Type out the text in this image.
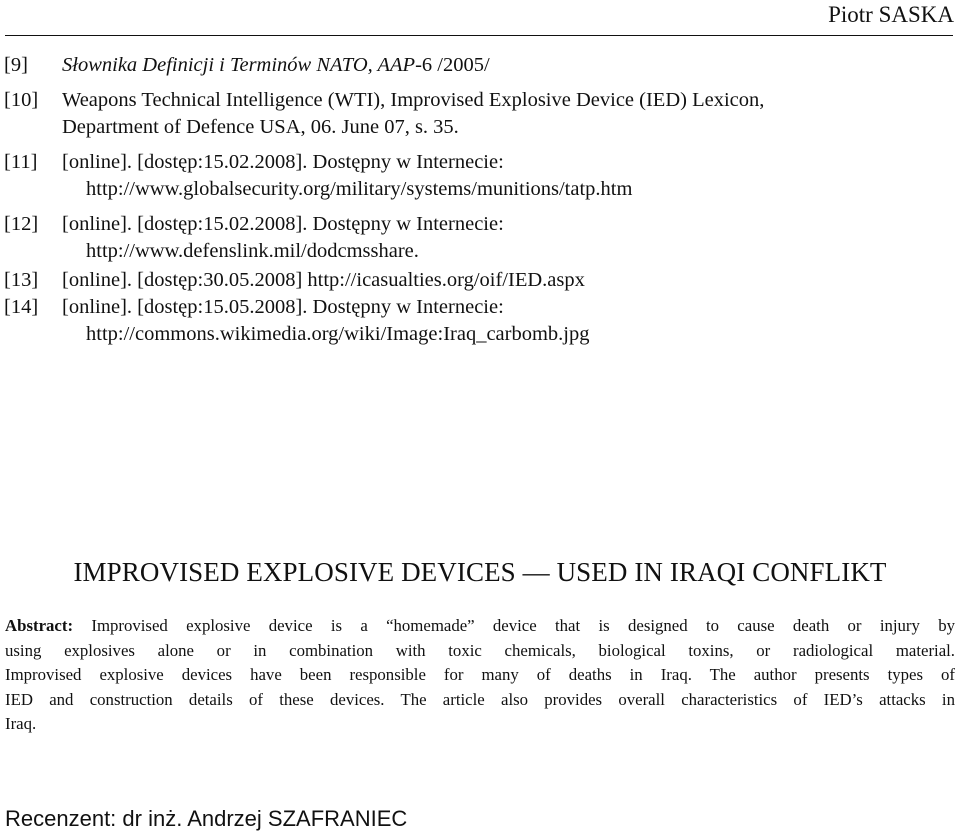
Piotr SASKA
[9] Słownika Definicji i Terminów NATO, AAP-6 /2005/
[10] Weapons Technical Intelligence (WTI), Improvised Explosive Device (IED) Lexicon,
Department of Defence USA, 06. June 07, s. 35.
[11] [online]. [dostęp:15.02.2008]. Dostępny w Internecie:
http://www.globalsecurity.org/military/systems/munitions/tatp.htm
[12] [online]. [dostęp:15.02.2008]. Dostępny w Internecie:
http://www.defenslink.mil/dodcmsshare.
[13] [online]. [dostęp:30.05.2008] http://icasualties.org/oif/IED.aspx
[14] [online]. [dostęp:15.05.2008]. Dostępny w Internecie:
http://commons.wikimedia.org/wiki/Image:Iraq_carbomb.jpg
IMPROVISED EXPLOSIVE DEVICES — USED IN IRAQI CONFLIKT
Abstract: Improvised explosive device is a “homemade” device that is designed to cause death or injury by
using explosives alone or in combination with toxic chemicals, biological toxins, or radiological material.
Improvised explosive devices have been responsible for many of deaths in Iraq. The author presents types of
IED and construction details of these devices. The article also provides overall characteristics of IED’s attacks in
Iraq.
Recenzent: dr inż. Andrzej SZAFRANIEC
